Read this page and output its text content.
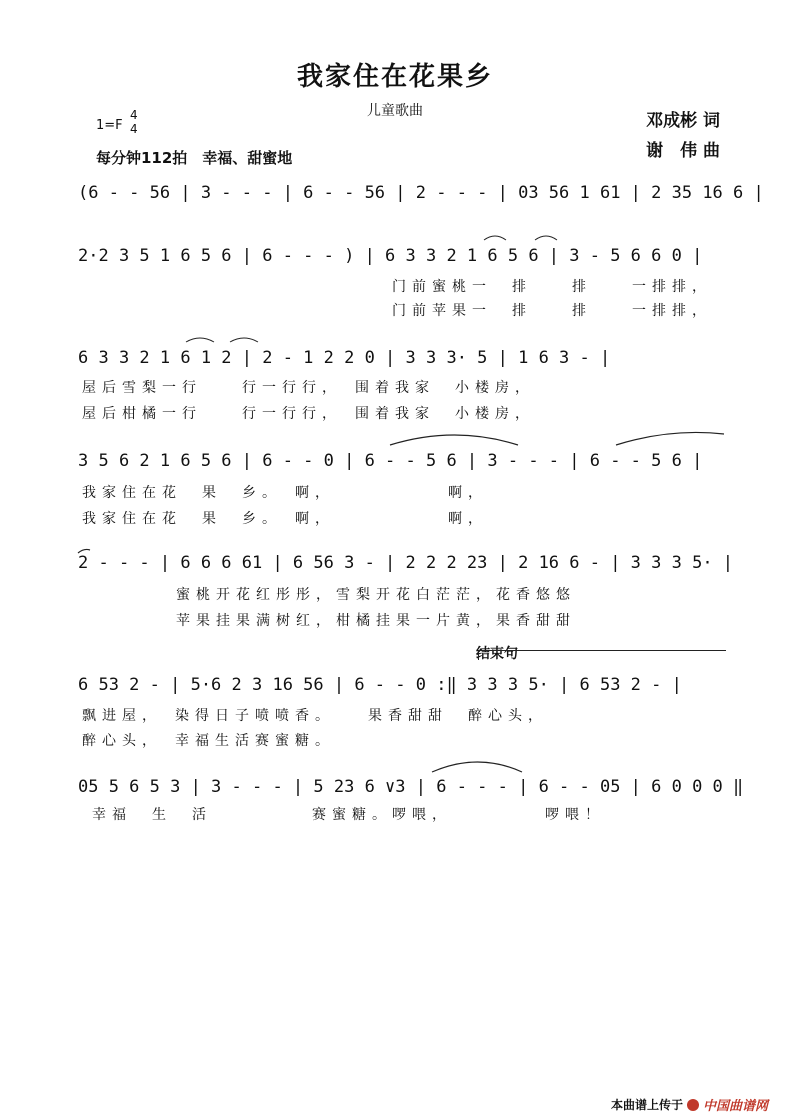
我家住在花果乡
儿童歌曲
1=F
4
4
每分钟112拍　幸福、甜蜜地
邓成彬 词
谢　伟 曲
(6 - - 56 | 3 - - - | 6 - - 56 | 2 - - - | 03 56 1 61 | 2 35 16 6 |
2·2 3 5 1 6 5 6 | 6 - - - ) | 6 3 3 2 1 6 5 6 | 3 - 5 6 6 0 |
门前蜜桃一　排　　排　　一排排，
门前苹果一　排　　排　　一排排，
6 3 3 2 1 6 1 2 | 2 - 1 2 2 0 | 3 3 3· 5 | 1 6 3 - |
屋后雪梨一行　　行一行行，　围着我家　小楼房，
屋后柑橘一行　　行一行行，　围着我家　小楼房，
3 5 6 2 1 6 5 6 | 6 - - 0 | 6 - - 5 6 | 3 - - - | 6 - - 5 6 |
我家住在花　果　乡。　啊，　　　　　　啊，
我家住在花　果　乡。　啊，　　　　　　啊，
2 - - - | 6 6 6 61 | 6 56 3 - | 2 2 2 23 | 2 16 6 - | 3 3 3 5· |
蜜桃开花红彤彤，雪梨开花白茫茫，花香悠悠
苹果挂果满树红，柑橘挂果一片黄，果香甜甜
结束句
6 53 2 - | 5·6 2 3 16 56 | 6 - - 0 :‖ 3 3 3 5· | 6 53 2 - |
飘进屋，　染得日子喷喷香。　　果香甜甜　醉心头，
醉心头，　幸福生活赛蜜糖。
05 5 6 5 3 | 3 - - - | 5 23 6 ∨3 | 6 - - - | 6 - - 05 | 6 0 0 0 ‖
幸福　生　活　　　　　赛蜜糖。啰喂，　　　　　啰喂！
本曲谱上传于 中国曲谱网
